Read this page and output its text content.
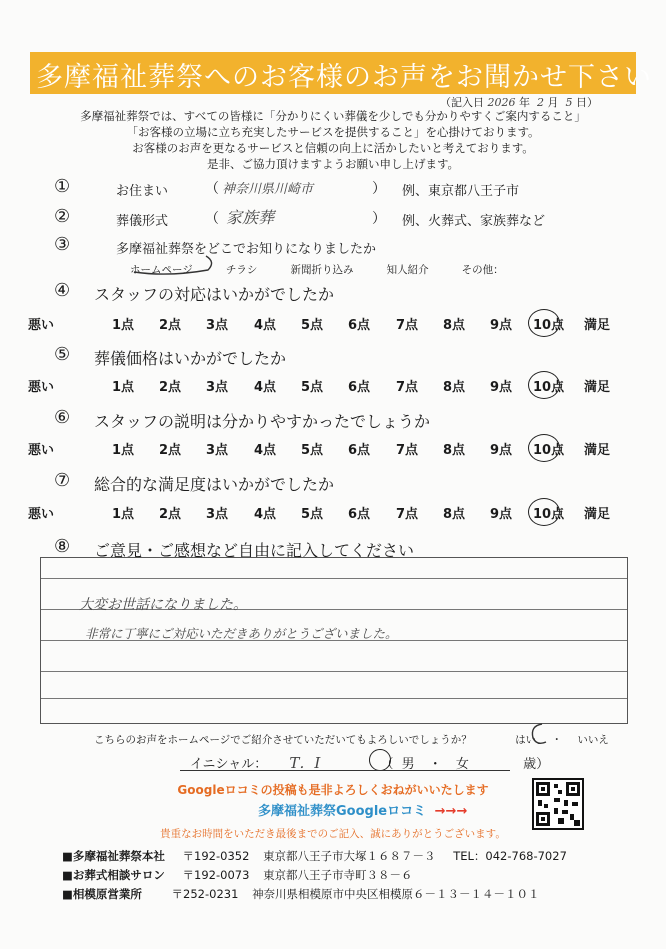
多摩福祉葬祭へのお客様のお声をお聞かせ下さい
（記入日 2026 年 2 月 5 日）
多摩福祉葬祭では、すべての皆様に「分かりにくい葬儀を少しでも分かりやすくご案内すること」
「お客様の立場に立ち充実したサービスを提供すること」を心掛けております。
お客様のお声を更なるサービスと信頼の向上に活かしたいと考えております。
是非、ご協力頂けますようお願い申し上げます。
①	お住まい	（ 神奈川県川崎市	） 例、東京都八王子市
②	葬儀形式	（ 家族葬	） 例、火葬式、家族葬など
③	多摩福祉葬祭をどこでお知りになりましたか
ホームページ	チラシ	新聞折り込み	知人紹介	その他：
④ スタッフの対応はいかがでしたか
⑤ 葬儀価格はいかがでしたか
⑥ スタッフの説明は分かりやすかったでしょうか
⑦ 総合的な満足度はいかがでしたか
悪い	1点 2点 3点 4点 5点 6点 7点 8点 9点 10点 満足
悪い	1点 2点 3点 4点 5点 6点 7点 8点 9点 10点 満足
悪い	1点 2点 3点 4点 5点 6点 7点 8点 9点 10点 満足
悪い	1点 2点 3点 4点 5点 6点 7点 8点 9点 10点 満足
⑧ ご意見・ご感想など自由に記入してください
大変お世話になりました。
非常に丁寧にご対応いただきありがとうございました。
こちらのお声をホームページでご紹介させていただいてもよろしいでしょうか？	はい ・ いいえ
イニシャル： T．I	（ 男 ・ 女	歳）
Googleロコミの投稿も是非よろしくおねがいいたします
多摩福祉葬祭Googleロコミ →→→
貴重なお時間をいただき最後までのご記入、誠にありがとうございます。
■多摩福祉葬祭本社 〒192-0352 東京都八王子市大塚１６８７－３ TEL：042-768-7027
■お葬式相談サロン 〒192-0073 東京都八王子市寺町３８－６
■相模原営業所	〒252-0231 神奈川県相模原市中央区相模原６－１３－１４－１０１
